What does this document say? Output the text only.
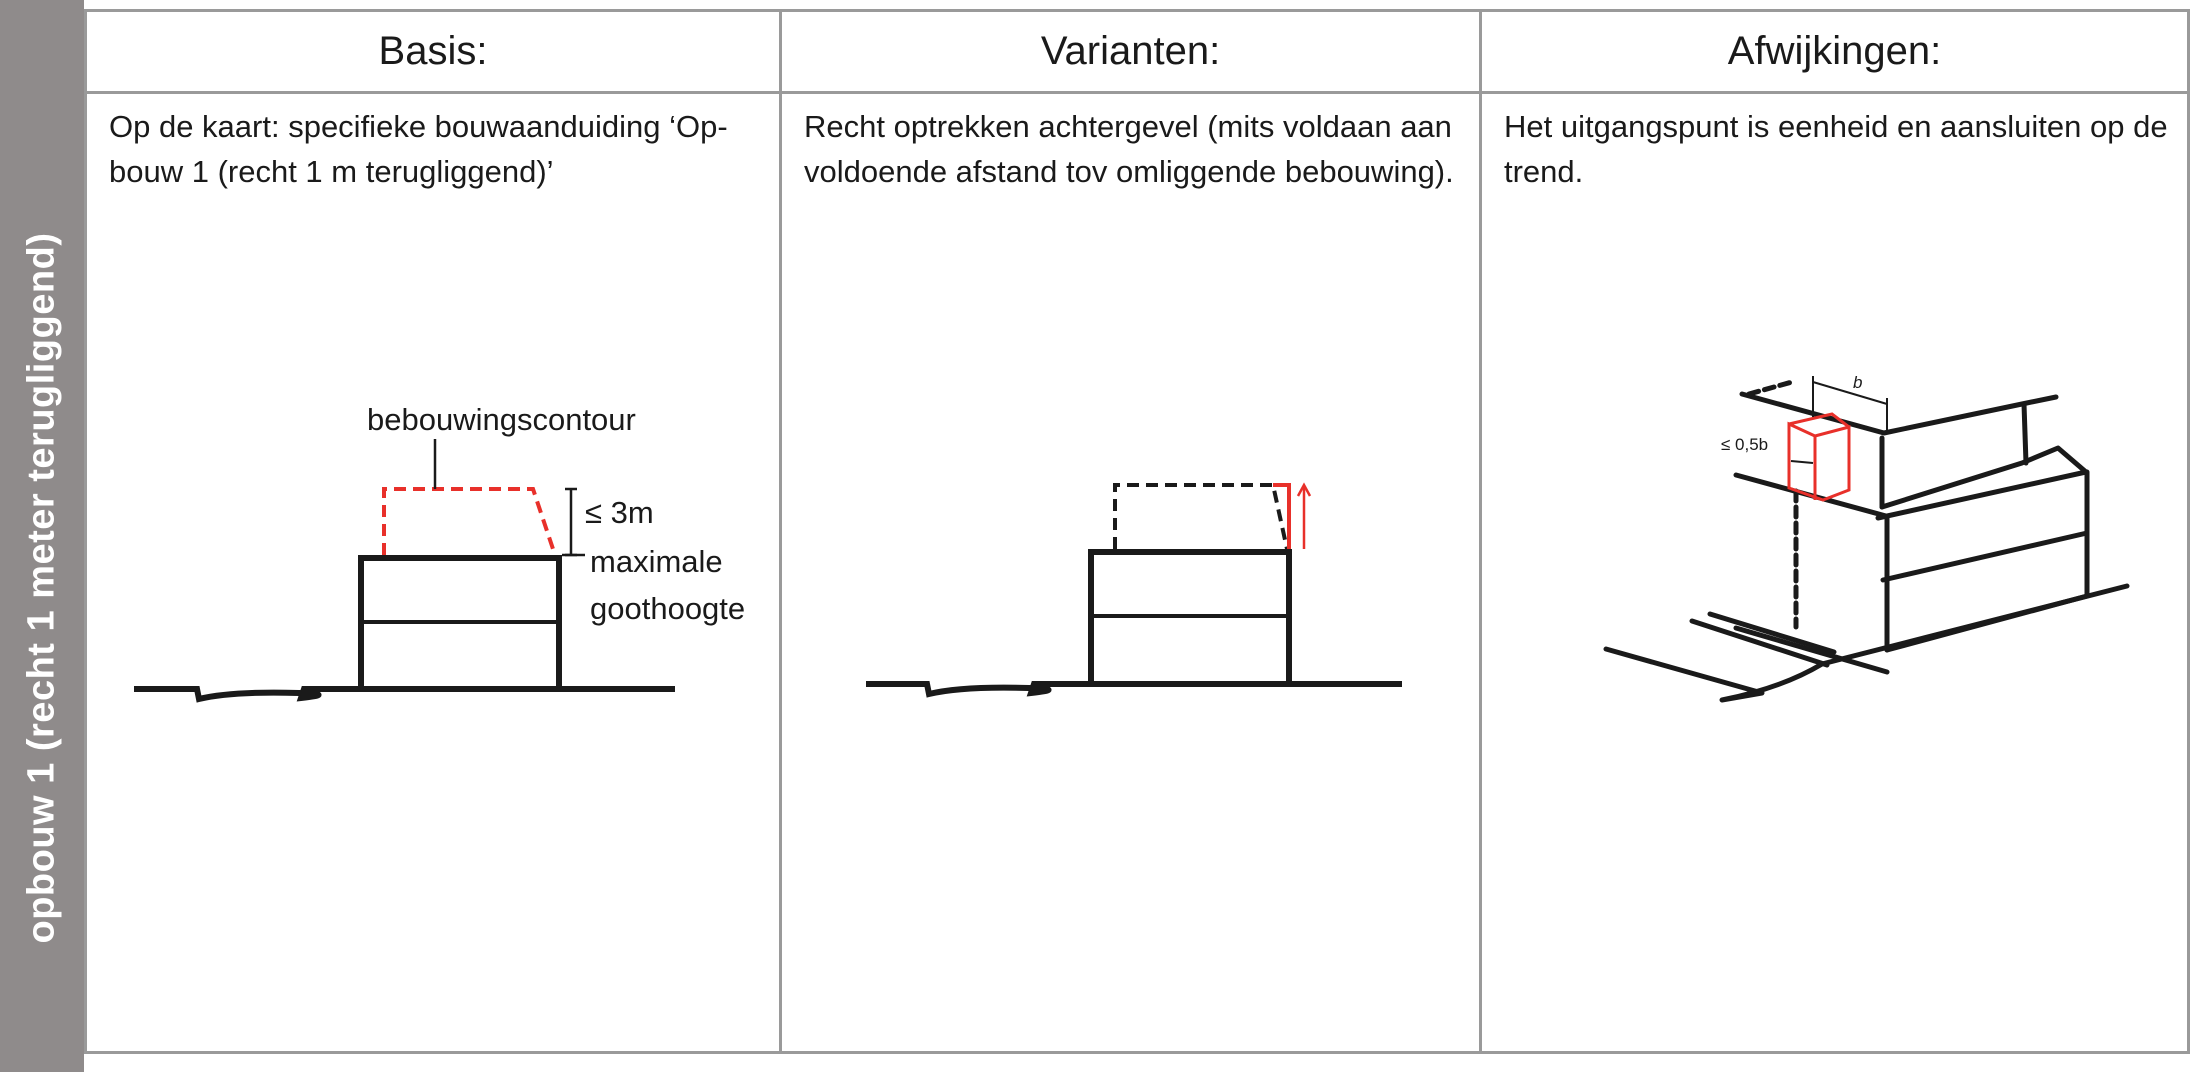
opbouw 1 (recht 1 meter terugliggend)
Basis:
Op de kaart: specifieke bouwaanduiding ‘Op-bouw 1 (recht 1 m terugliggend)’
bebouwingscontour
≤ 3m
maximale
goothoogte
Varianten:
Recht optrekken achtergevel (mits voldaan aan voldoende afstand tov omliggende bebouwing).
Afwijkingen:
Het uitgangspunt is eenheid en aansluiten op de trend.
b
≤ 0,5b
